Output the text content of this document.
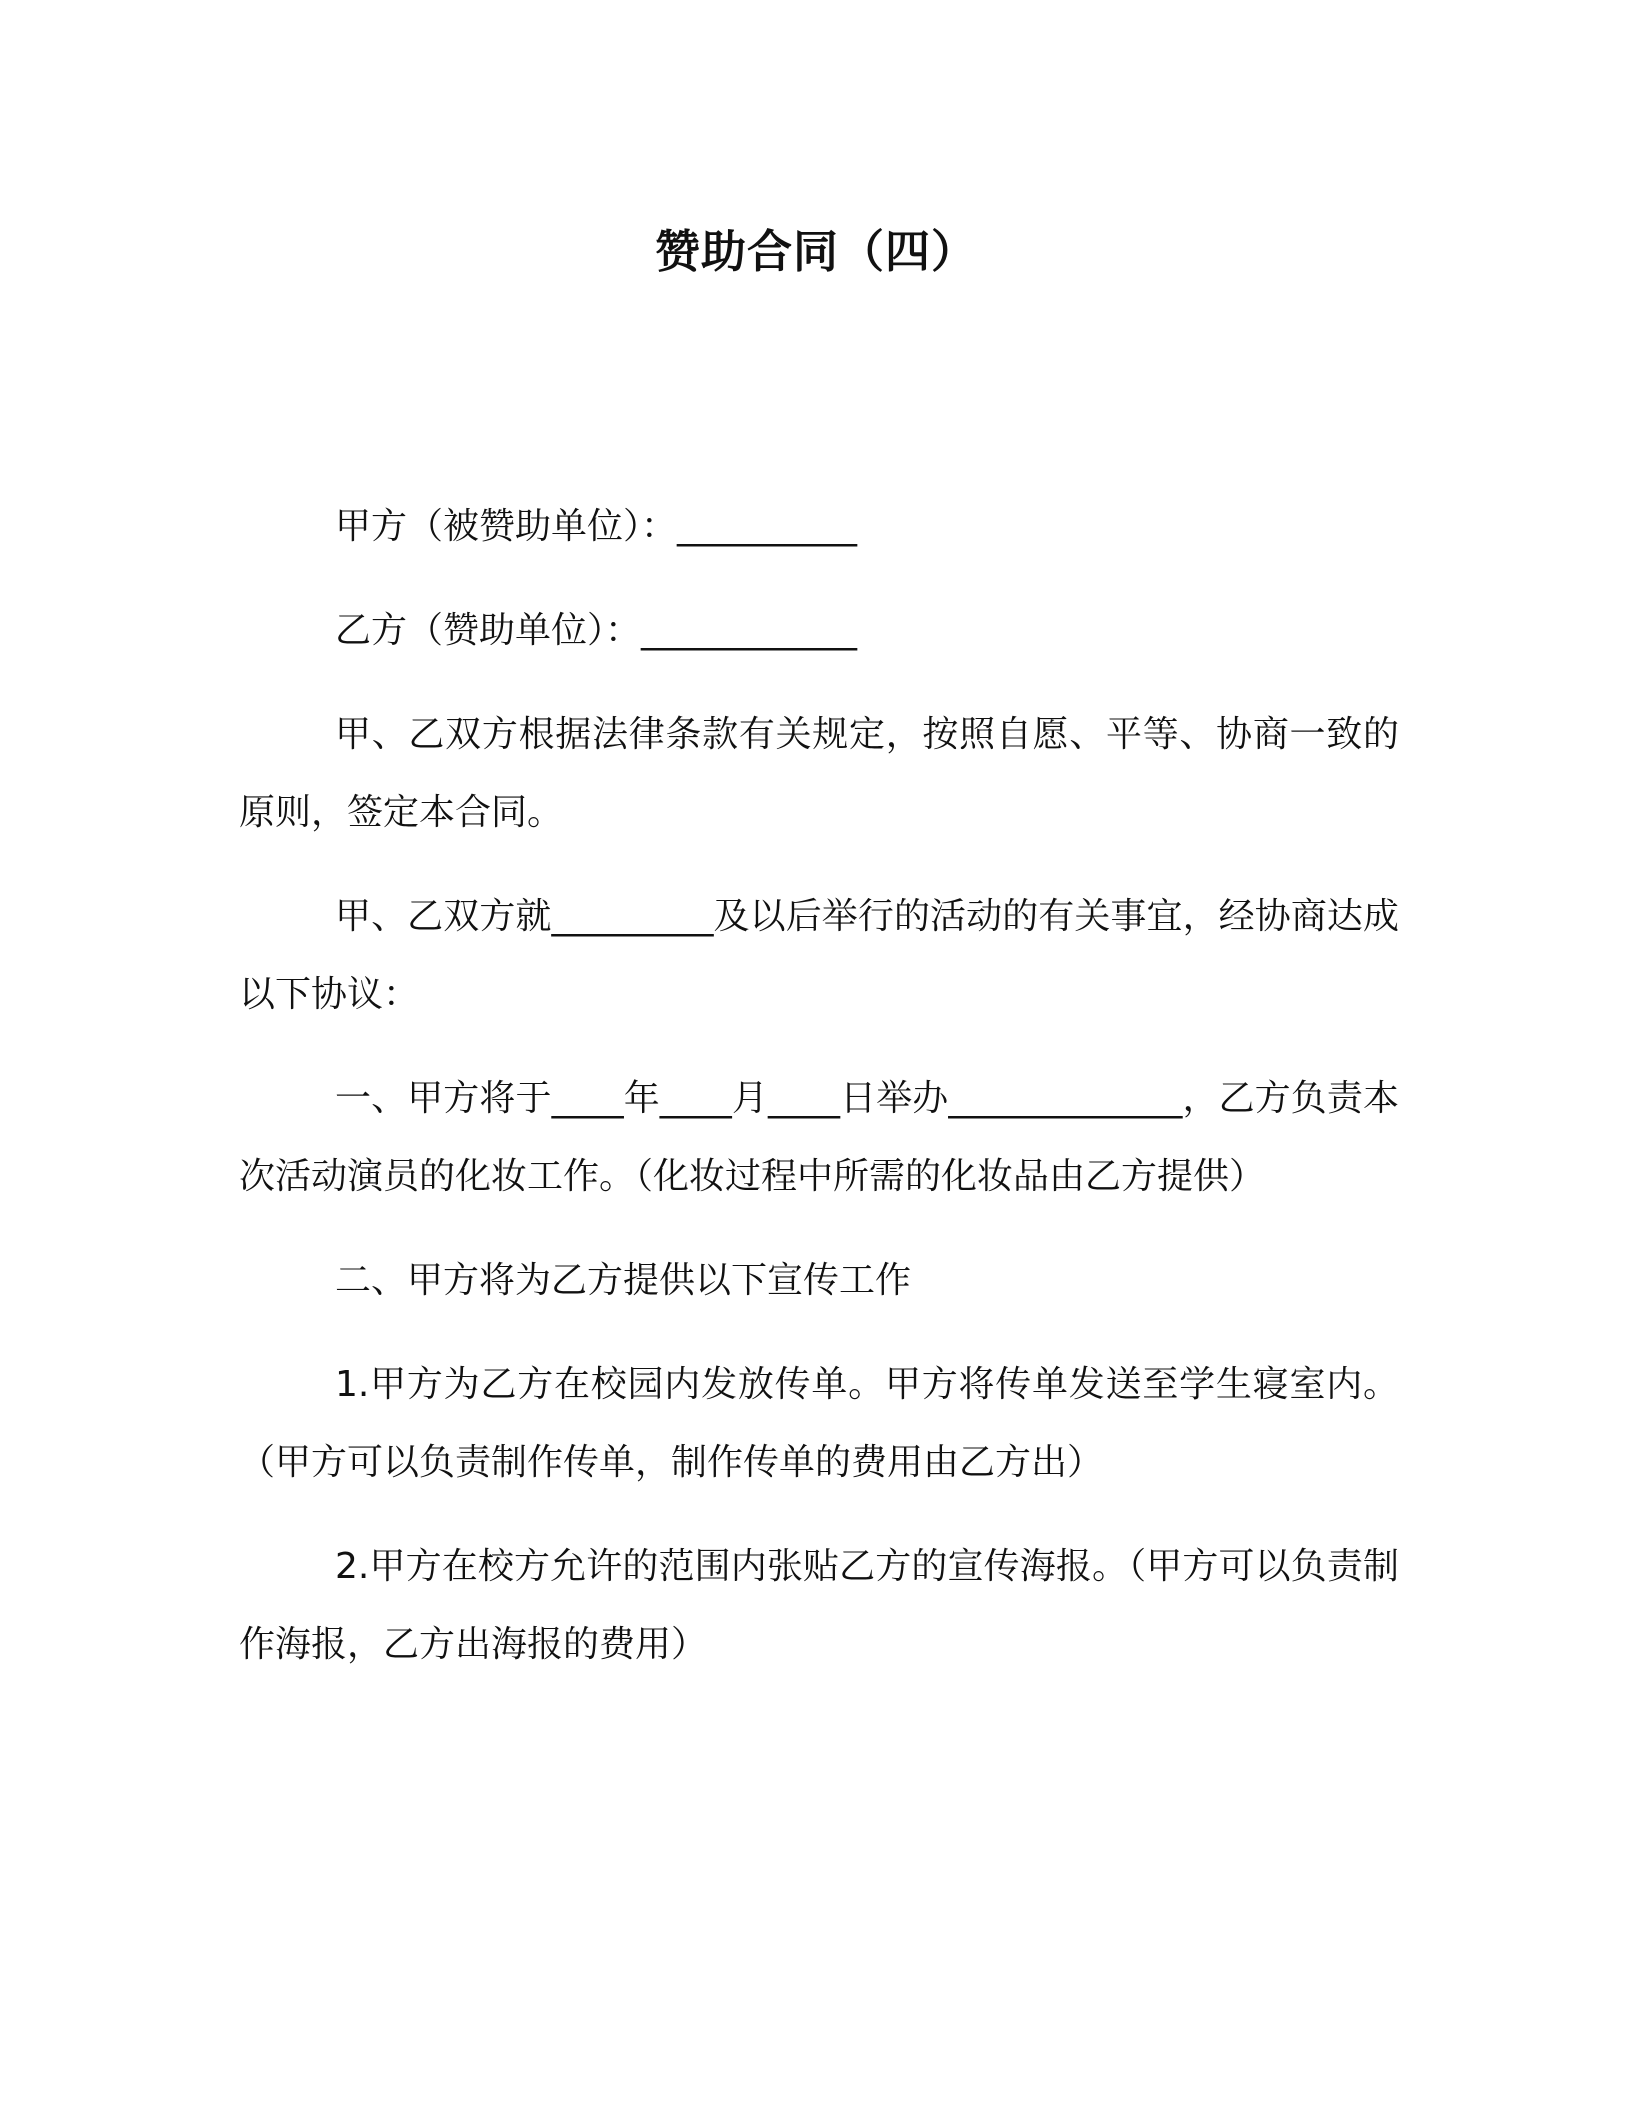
赞助合同（四）

甲方（被赞助单位）：__________

乙方（赞助单位）：____________

甲、乙双方根据法律条款有关规定，按照自愿、平等、协商一致的原则，签定本合同。

甲、乙双方就_________及以后举行的活动的有关事宜，经协商达成以下协议：

一、甲方将于____年____月____日举办_____________，乙方负责本次活动演员的化妆工作。（化妆过程中所需的化妆品由乙方提供）

二、甲方将为乙方提供以下宣传工作

1.甲方为乙方在校园内发放传单。甲方将传单发送至学生寝室内。（甲方可以负责制作传单，制作传单的费用由乙方出）

2.甲方在校方允许的范围内张贴乙方的宣传海报。（甲方可以负责制作海报，乙方出海报的费用）
